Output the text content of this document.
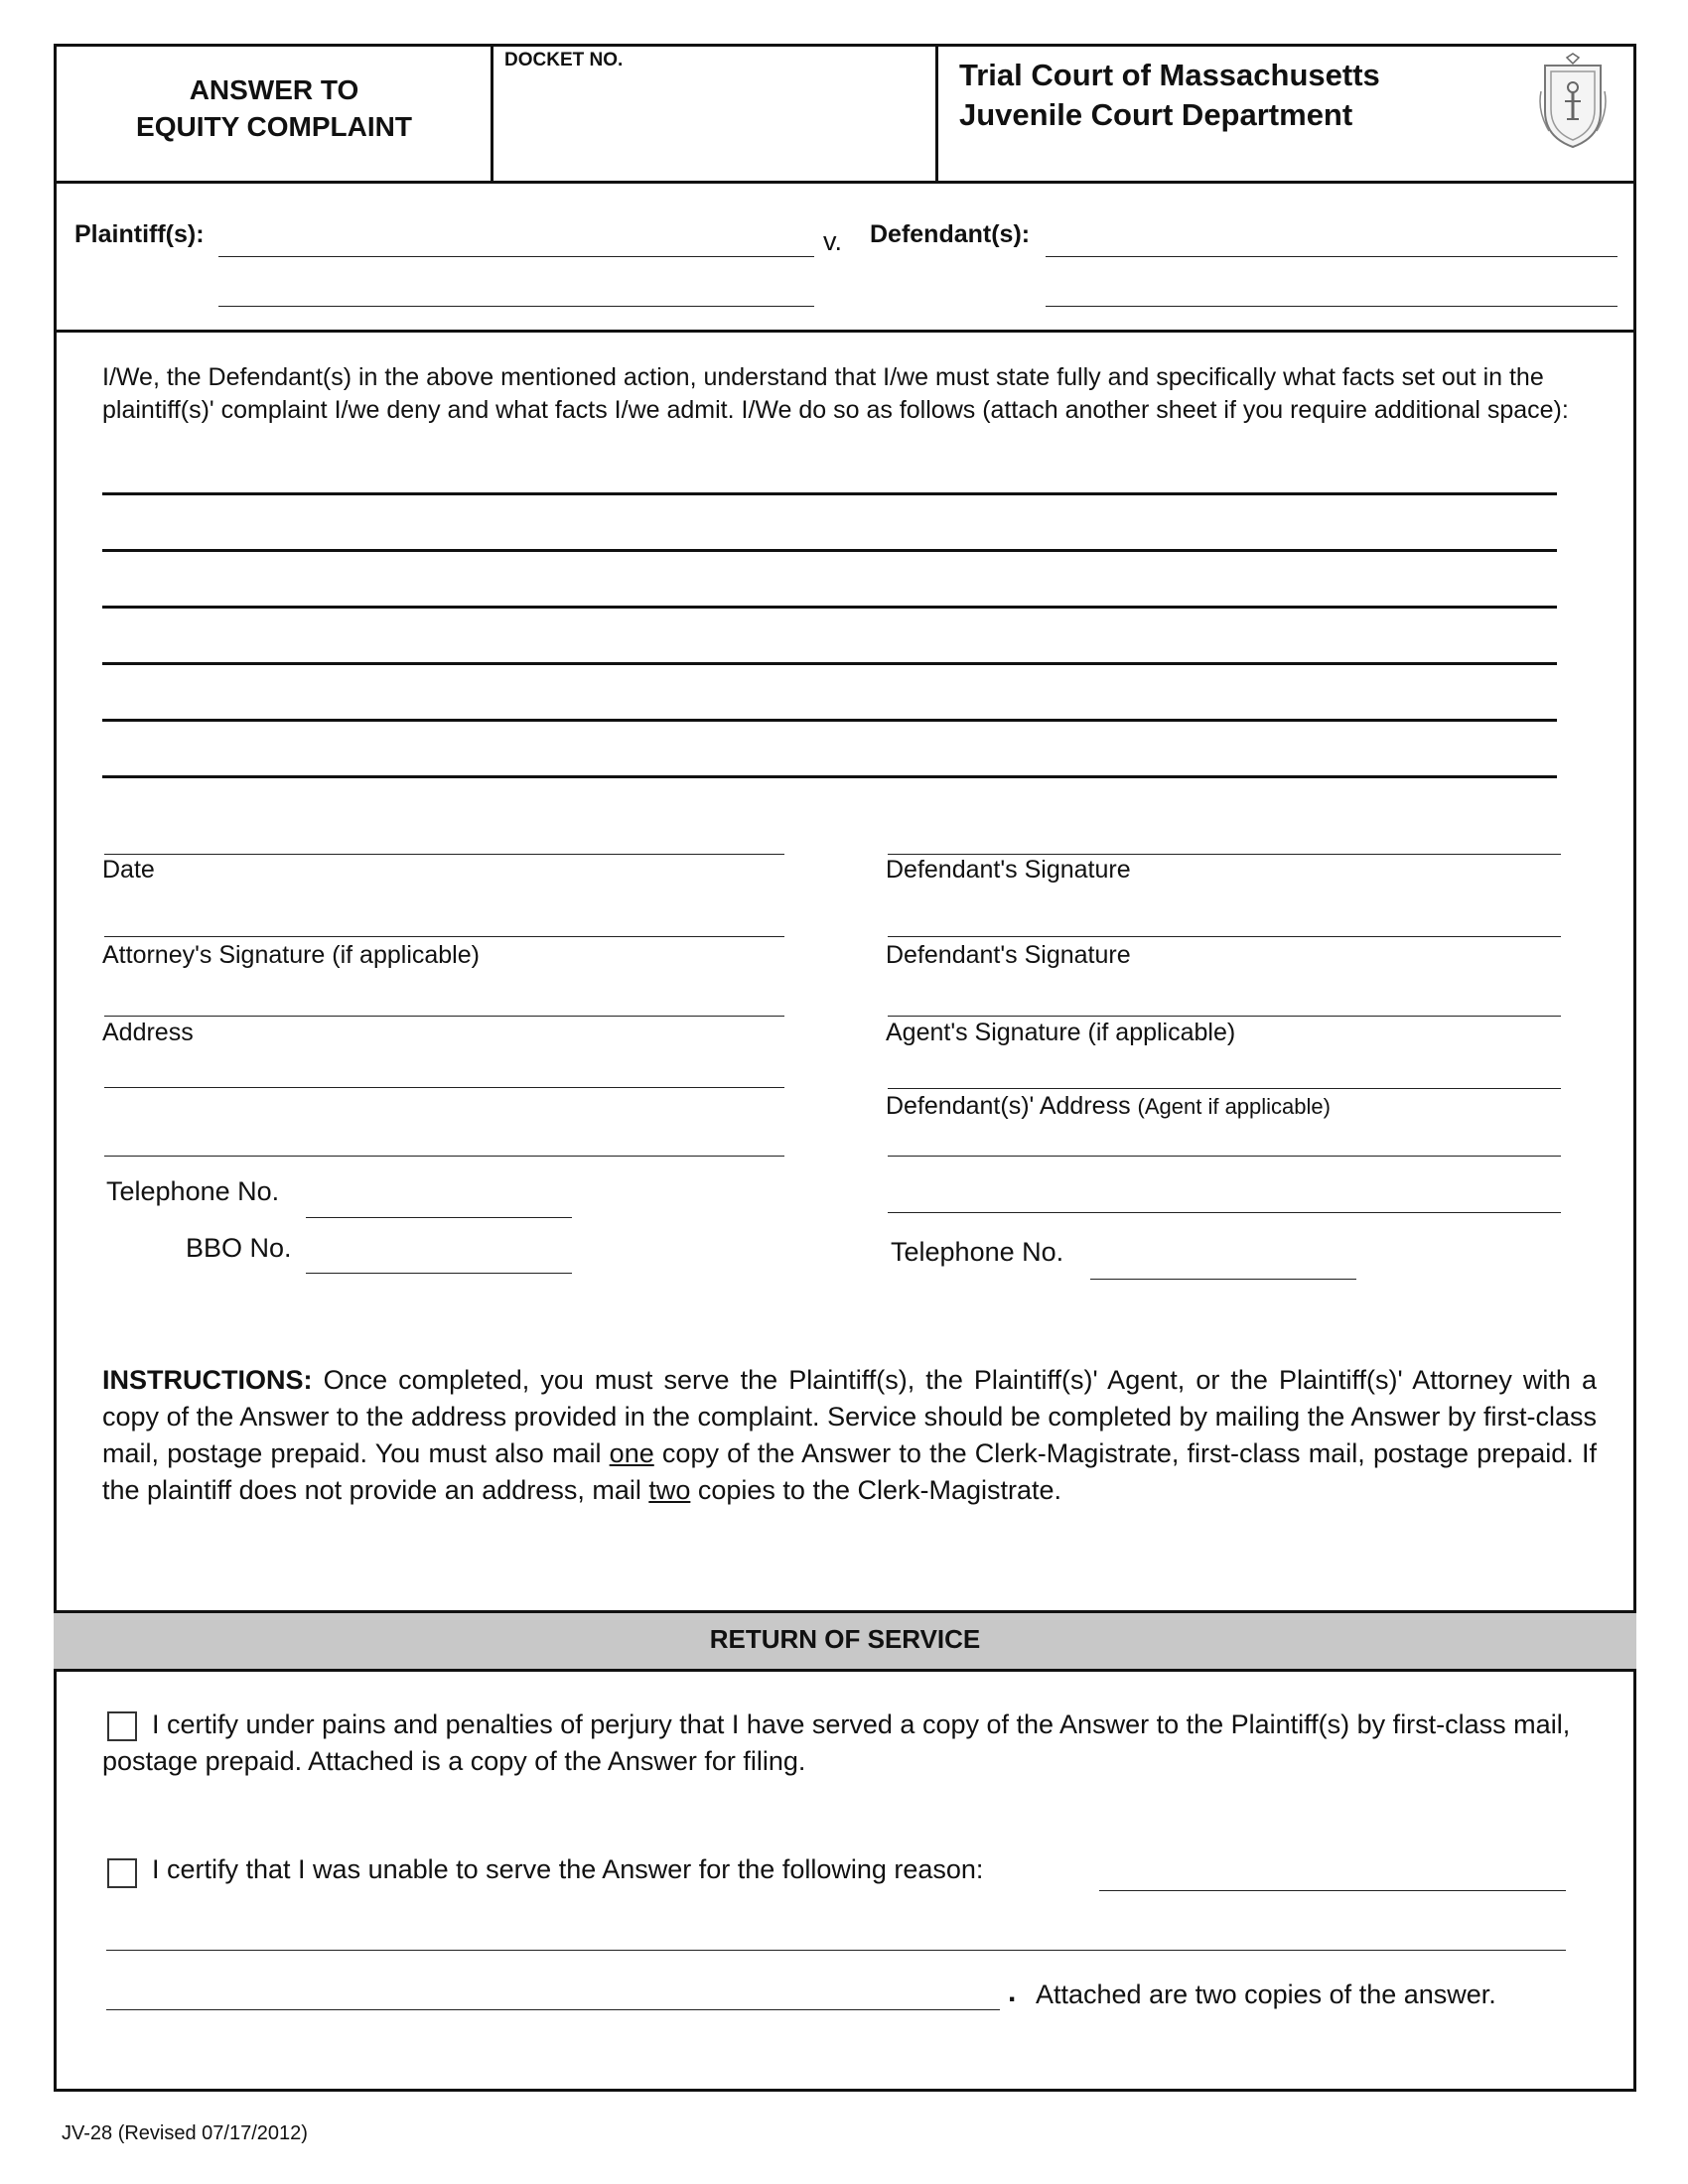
ANSWER TO
EQUITY COMPLAINT
DOCKET NO.	Trial Court of Massachusetts
Juvenile Court Department
Plaintiff(s):	v. Defendant(s):
I/We, the Defendant(s) in the above mentioned action, understand that I/we must state fully and specifically what facts set out in the plaintiff(s)' complaint I/we deny and what facts I/we admit. I/We do so as follows (attach another sheet if you require additional space):
Date
Attorney's Signature (if applicable)
Address
Telephone No.
BBO No.
Defendant's Signature
Defendant's Signature
Agent's Signature (if applicable)
Defendant(s)' Address (Agent if applicable)
Telephone No.
INSTRUCTIONS: Once completed, you must serve the Plaintiff(s), the Plaintiff(s)' Agent, or the Plaintiff(s)' Attorney with a copy of the Answer to the address provided in the complaint. Service should be completed by mailing the Answer by first-class mail, postage prepaid. You must also mail one copy of the Answer to the Clerk-Magistrate, first-class mail, postage prepaid. If the plaintiff does not provide an address, mail two copies to the Clerk-Magistrate.
RETURN OF SERVICE
I certify under pains and penalties of perjury that I have served a copy of the Answer to the Plaintiff(s) by first-class mail, postage prepaid. Attached is a copy of the Answer for filing.
I certify that I was unable to serve the Answer for the following reason:
. Attached are two copies of the answer.
JV-28 (Revised 07/17/2012)
